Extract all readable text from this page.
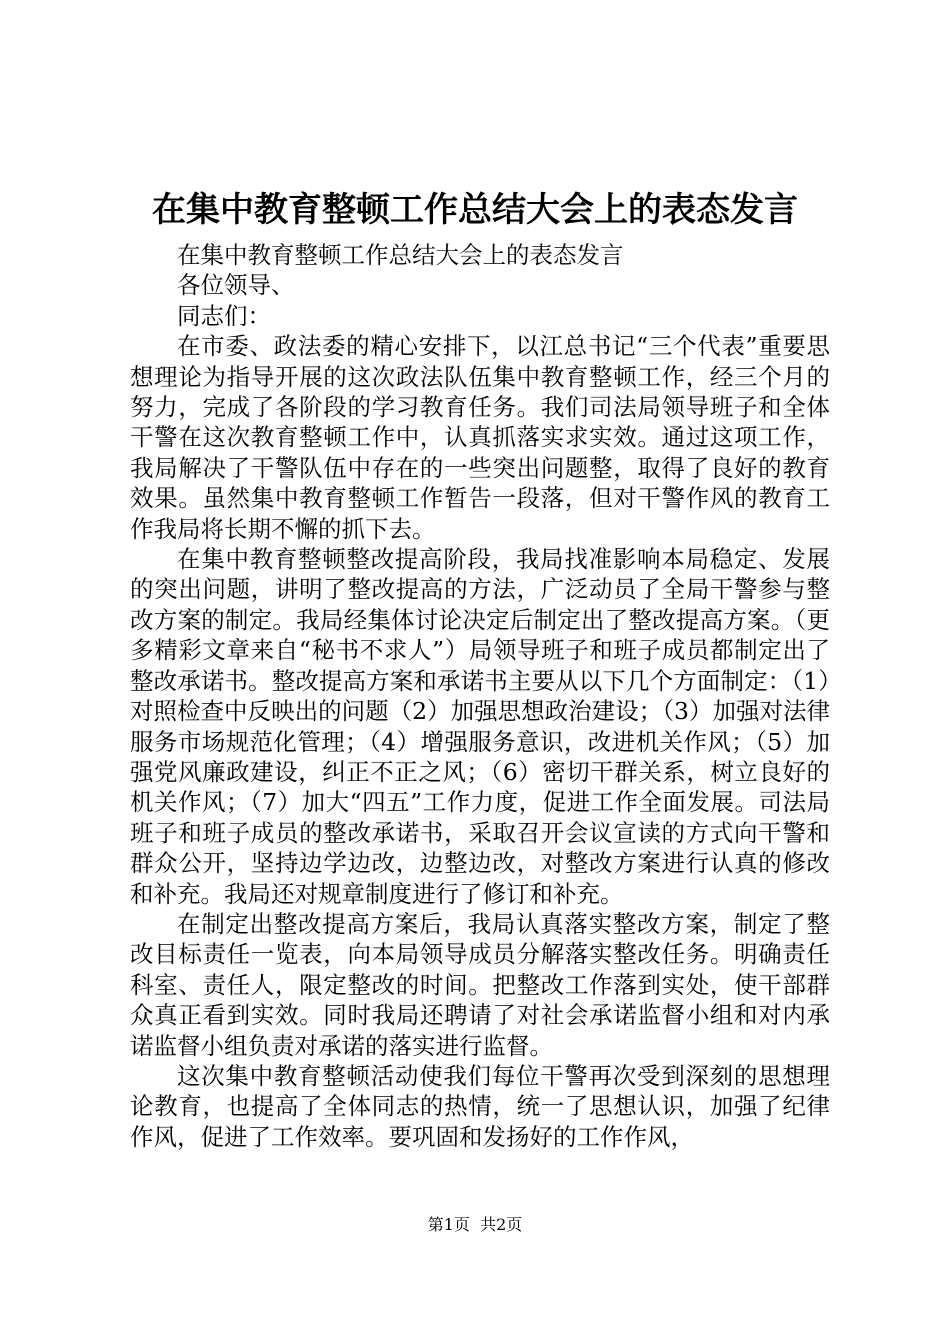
在集中教育整顿工作总结大会上的表态发言

在集中教育整顿工作总结大会上的表态发言

各位领导、

同志们：

在市委、政法委的精心安排下，以江总书记“三个代表”重要思想理论为指导开展的这次政法队伍集中教育整顿工作，经三个月的努力，完成了各阶段的学习教育任务。我们司法局领导班子和全体干警在这次教育整顿工作中，认真抓落实求实效。通过这项工作，我局解决了干警队伍中存在的一些突出问题整，取得了良好的教育效果。虽然集中教育整顿工作暂告一段落，但对干警作风的教育工作我局将长期不懈的抓下去。

在集中教育整顿整改提高阶段，我局找准影响本局稳定、发展的突出问题，讲明了整改提高的方法，广泛动员了全局干警参与整改方案的制定。我局经集体讨论决定后制定出了整改提高方案。（更多精彩文章来自“秘书不求人”）局领导班子和班子成员都制定出了整改承诺书。整改提高方案和承诺书主要从以下几个方面制定：（1）对照检查中反映出的问题（2）加强思想政治建设；（3）加强对法律服务市场规范化管理；（4）增强服务意识，改进机关作风；（5）加强党风廉政建设，纠正不正之风；（6）密切干群关系，树立良好的机关作风；（7）加大“四五”工作力度，促进工作全面发展。司法局班子和班子成员的整改承诺书，采取召开会议宣读的方式向干警和群众公开，坚持边学边改，边整边改，对整改方案进行认真的修改和补充。我局还对规章制度进行了修订和补充。

在制定出整改提高方案后，我局认真落实整改方案，制定了整改目标责任一览表，向本局领导成员分解落实整改任务。明确责任科室、责任人，限定整改的时间。把整改工作落到实处，使干部群众真正看到实效。同时我局还聘请了对社会承诺监督小组和对内承诺监督小组负责对承诺的落实进行监督。

这次集中教育整顿活动使我们每位干警再次受到深刻的思想理论教育，也提高了全体同志的热情，统一了思想认识，加强了纪律作风，促进了工作效率。要巩固和发扬好的工作作风，

第1页  共2页
